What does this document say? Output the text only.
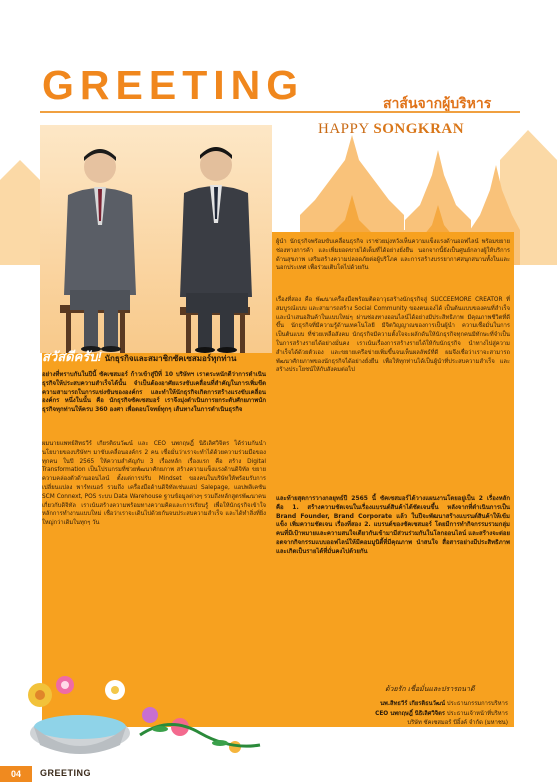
GREETING	สาส์นจากผู้บริหาร
HAPPY SONGKRAN
สวัสดีครับ! นักธุรกิจและสมาชิกซัคเซสมอร์ทุกท่าน
อย่างที่ทราบกันในปีนี้ ซัคเซสมอร์ ก้าวเข้าสู่ปีที่ 10 บริษัทฯ เราตระหนักดีว่าการดำเนินธุรกิจให้ประสบความสำเร็จได้นั้น จำเป็นต้องอาศัยแรงขับเคลื่อนที่สำคัญในการเพิ่มขีดความสามารถในการแข่งขันขององค์กร และทำให้นักธุรกิจเกิดการสร้างแรงขับเคลื่อนองค์กร หนึ่งในนั้น คือ นักธุรกิจซัคเซสมอร์ เราจึงมุ่งดำเนินการยกระดับศักยภาพนักธุรกิจทุกท่านให้ครบ 360 องศา เพื่อตอบโจทย์ทุกๆ เส้นทางในการดำเนินธุรกิจ
ผมนายแพทย์สิทธวีร์ เกียรติธนวัฒน์ และ CEO นพกฤษฎิ์ นิธิเลิศวิจิตร ได้ร่วมกันนำนโยบายของบริษัทฯ มาขับเคลื่อนองค์กร 2 คน เชื่อมั่นว่าเราจะทำได้ด้วยความร่วมมือของทุกคน ในปี 2565 ให้ความสำคัญกับ 3 เรื่องหลัก เรื่องแรก คือ สร้าง Digital Transformation เป็นโปรแกรมที่ช่วยพัฒนาศักยภาพ สร้างความแข็งแรงด้านดิจิทัล ขยายความคล่องตัวด้านออนไลน์ ตั้งแต่การปรับ Mindset ของคนในบริษัทให้พร้อมรับการเปลี่ยนแปลง พาร์ทเนอร์ รวมถึง เครื่องมือด้านดิจิทัลเช่นแอป Salepage, แอปพลิเคชัน SCM Connext, POS ระบบ Data Warehouse ฐานข้อมูลต่างๆ รวมถึงหลักสูตรพัฒนาคน เกี่ยวกับดิจิทัล เราเน้นสร้างความพร้อมทางความคิดและการเรียนรู้ เพื่อให้นักธุรกิจเข้าใจหลักการทำงานแบบใหม่ เชื่อว่าเราจะเดินไปด้วยกันจนประสบความสำเร็จ และได้ทำสิ่งที่ยิ่งใหญ่กว่าเดิมในทุกๆ วัน
ผู้นำ นักธุรกิจพร้อมขับเคลื่อนธุรกิจ เราช่วยมุ่งหวังเห็นความแข็งแรงด้านออฟไลน์ พร้อมขยายช่องทางการค้า และเพิ่มยอดขายได้เต็มที่ได้อย่างยั่งยืน นอกจากนี้ยังเป็นศูนย์กลางผู้ให้บริการด้านสุขภาพ เสริมสร้างความปลอดภัยต่อผู้บริโภค และการสร้างบรรยากาศสนุกสนานทั้งในและนอกประเทศ เพื่อร่วมเติบโตไปด้วยกัน
เรื่องที่สอง คือ พัฒนาเครื่องมือพร้อมติดอาวุธสร้างนักธุรกิจสู่ SUCCEEMORE CREATOR ที่สมบูรณ์แบบ และสามารถสร้าง Social Community ของตนเองได้ เป็นต้นแบบของคนที่สำเร็จ และนำเสนอสินค้าในแบบใหม่ๆ ผ่านช่องทางออนไลน์ได้อย่างมีประสิทธิภาพ มีคุณภาพชีวิตที่ดีขึ้น นักธุรกิจที่มีความรู้ด้านเทคโนโลยี มีจิตวิญญาณของการเป็นผู้นำ ความเชื่อมั่นในการเป็นต้นแบบ ที่ช่วยเหลือสังคม นักธุรกิจมีความตั้งใจจะผลักดันให้นักธุรกิจทุกคนมีทักษะที่จำเป็นในการสร้างรายได้อย่างมั่นคง เราเน้นเรื่องการสร้างรายได้ให้กับนักธุรกิจ นำทางไปสู่ความสำเร็จได้ด้วยตัวเอง และขยายเครือข่ายเพิ่มขึ้นจนเห็นผลลัพธ์ที่ดี ผมจึงเชื่อว่าเราจะสามารถพัฒนาศักยภาพของนักธุรกิจได้อย่างยั่งยืน เพื่อให้ทุกท่านได้เป็นผู้นำที่ประสบความสำเร็จ และสร้างประโยชน์ให้กับสังคมต่อไป
และท้ายสุดการวางกลยุทธ์ปี 2565 นี้ ซัคเซสมอร์ได้วางแผนงานโดยอยู่เป็น 2 เรื่องหลัก คือ 1. สร้างความชัดเจนในเรื่องแบรนด์สินค้าได้ชัดเจนขึ้น หลังจากที่ดำเนินการเป็น Brand Founder, Brand Corporate แล้ว ในปีจะพัฒนาสร้างแบรนด์สินค้าให้เข้มแข็ง เพิ่มความชัดเจน เรื่องที่สอง 2. แบรนด์ของซัคเซสมอร์ โดยมีการทำกิจกรรมรวมกลุ่มคนที่มีเป้าหมายและความสนใจเดียวกันเข้ามามีส่วนร่วมกันในโลกออนไลน์ และสร้างจะต่อยอดจากกิจกรรมแบบออฟไลน์ให้มีคอมมูนิตี้ที่มีคุณภาพ นำสนใจ สื่อสารอย่างมีประสิทธิภาพและเกิดเป็นรายได้ที่มั่นคงไปด้วยกัน
ด้วยรัก เชื่อมั่นและปรารถนาดี
นพ.สิทธวีร์ เกียรติธนวัฒน์ ประธานกรรมการบริหาร
CEO นพกฤษฎิ์ นิธิเลิศวิจิตร ประธานเจ้าหน้าที่บริหาร
บริษัท ซัคเซสมอร์ บีอิ้งค์ จำกัด (มหาชน)
04	GREETING
